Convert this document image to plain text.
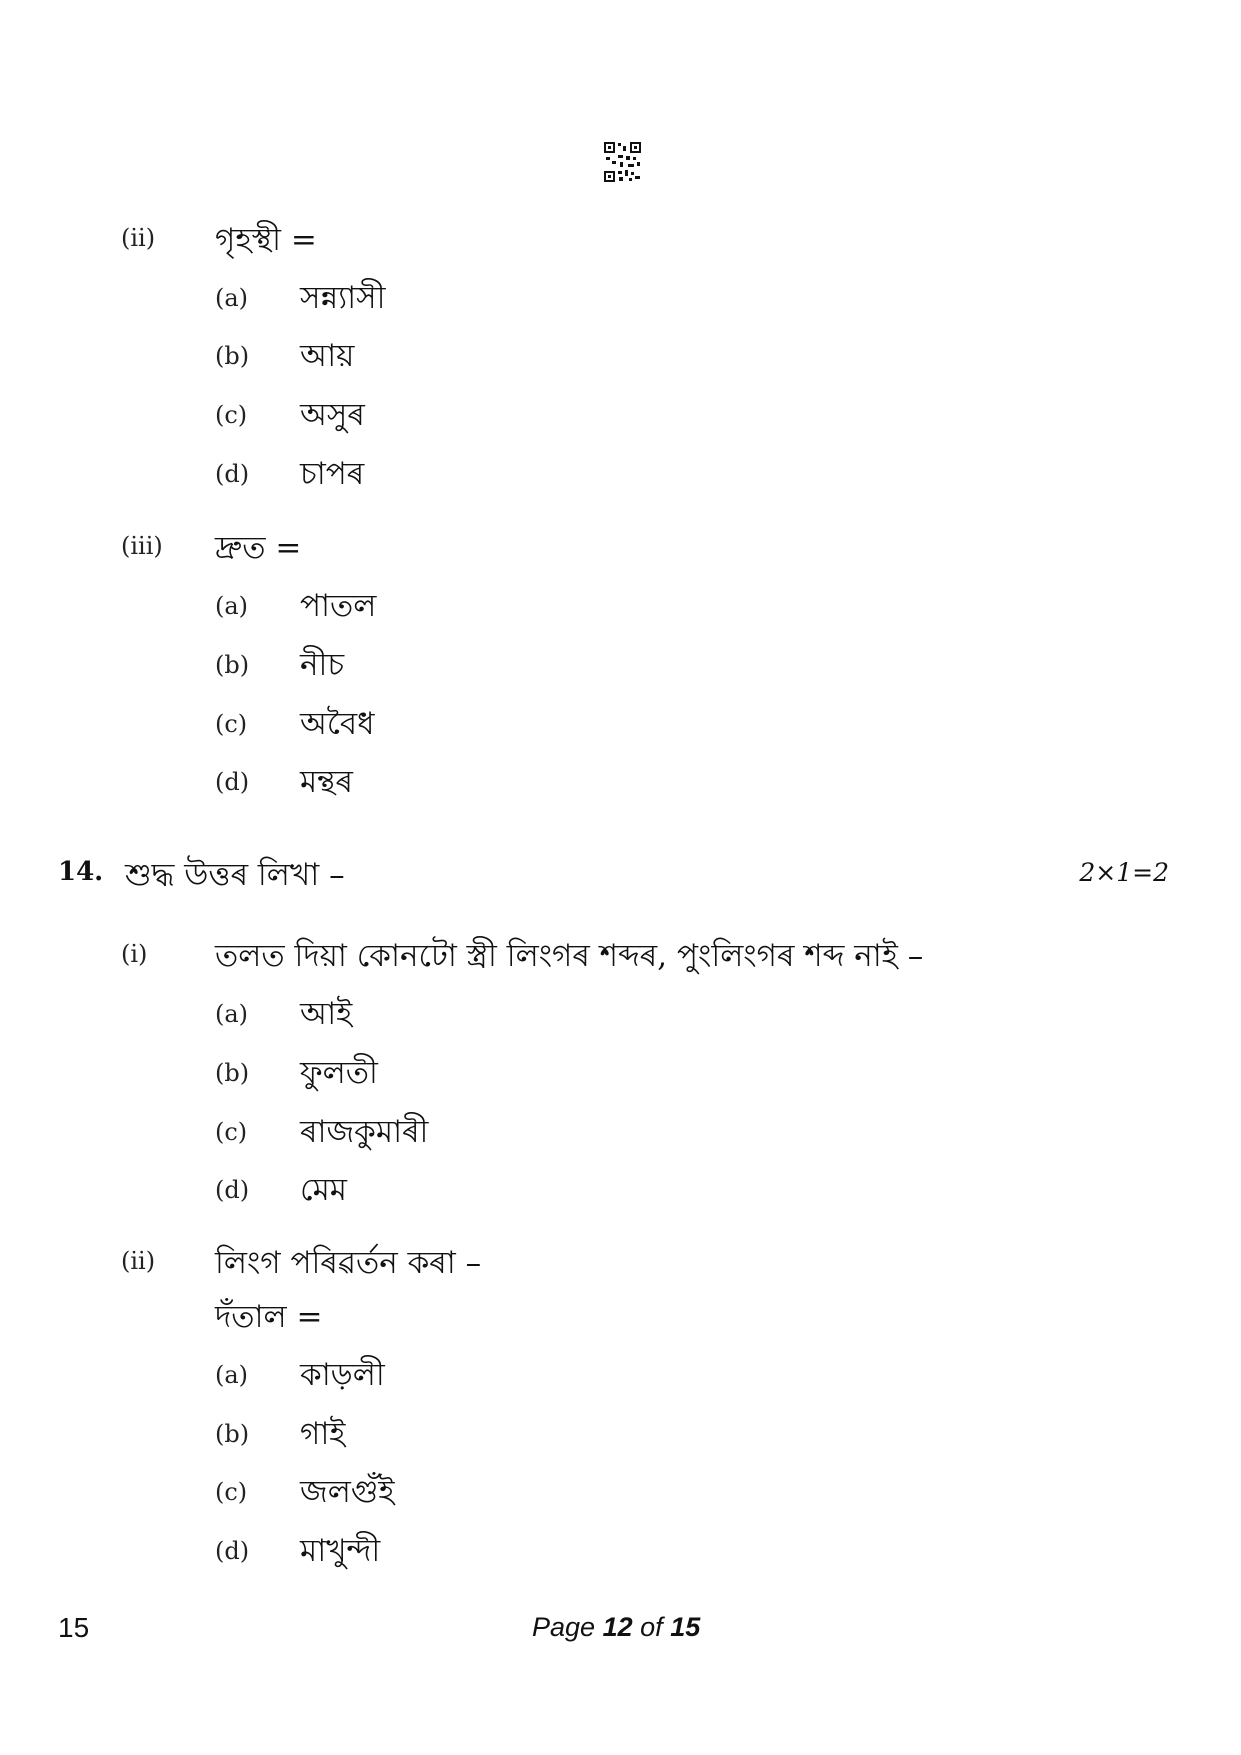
(ii) গৃহস্থী =
(a) সন্ন্যাসী
(b) আয়
(c) অসুৰ
(d) চাপৰ
(iii) দ্ৰুত =
(a) পাতল
(b) নীচ
(c) অবৈধ
(d) মন্থৰ
14. শুদ্ধ উত্তৰ লিখা –	2×1=2
(i) তলত দিয়া কোনটো স্ত্ৰী লিংগৰ শব্দৰ, পুংলিংগৰ শব্দ নাই –
(a) আই
(b) ফুলতী
(c) ৰাজকুমাৰী
(d) মেম
(ii) লিংগ পৰিৱৰ্তন কৰা –
দঁতাল =
(a) কাড়লী
(b) গাই
(c) জলগুঁই
(d) মাখুন্দী
15	Page 12 of 15
